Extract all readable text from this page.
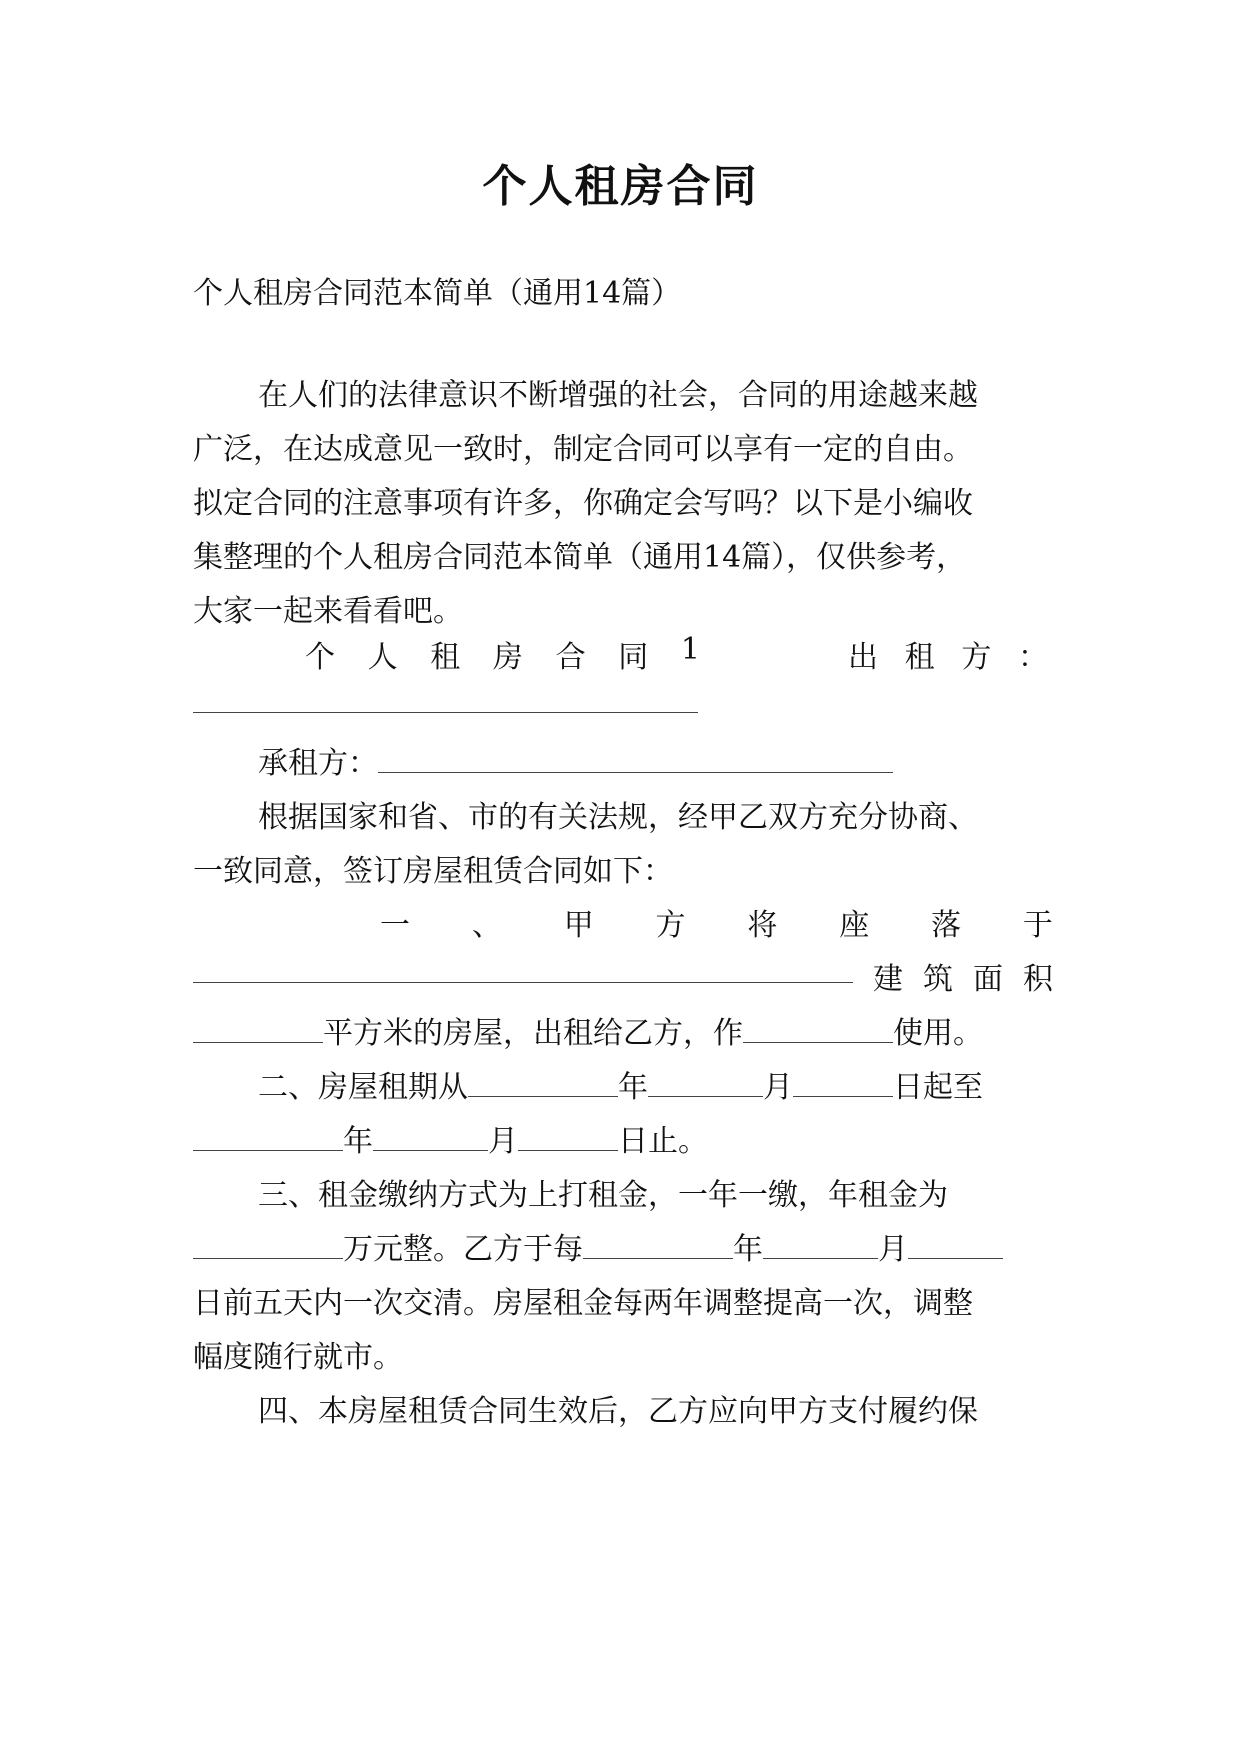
个人租房合同
个人租房合同范本简单（通用14篇）
在人们的法律意识不断增强的社会，合同的用途越来越
广泛，在达成意见一致时，制定合同可以享有一定的自由。
拟定合同的注意事项有许多，你确定会写吗？以下是小编收
集整理的个人租房合同范本简单（通用14篇），仅供参考，
大家一起来看看吧。
个 人 租 房 合 同 1	出 租 方 ：
承租方：
根据国家和省、市的有关法规，经甲乙双方充分协商、
一致同意，签订房屋租赁合同如下：
一 、 甲 方 将 座 落 于
建 筑 面 积
平方米的房屋，出租给乙方，作	使用。
二、房屋租期从	年	月	日起至
年	月	日止。
三、租金缴纳方式为上打租金，一年一缴，年租金为
万元整。乙方于每	年	月
日前五天内一次交清。房屋租金每两年调整提高一次，调整
幅度随行就市。
四、本房屋租赁合同生效后，乙方应向甲方支付履约保
